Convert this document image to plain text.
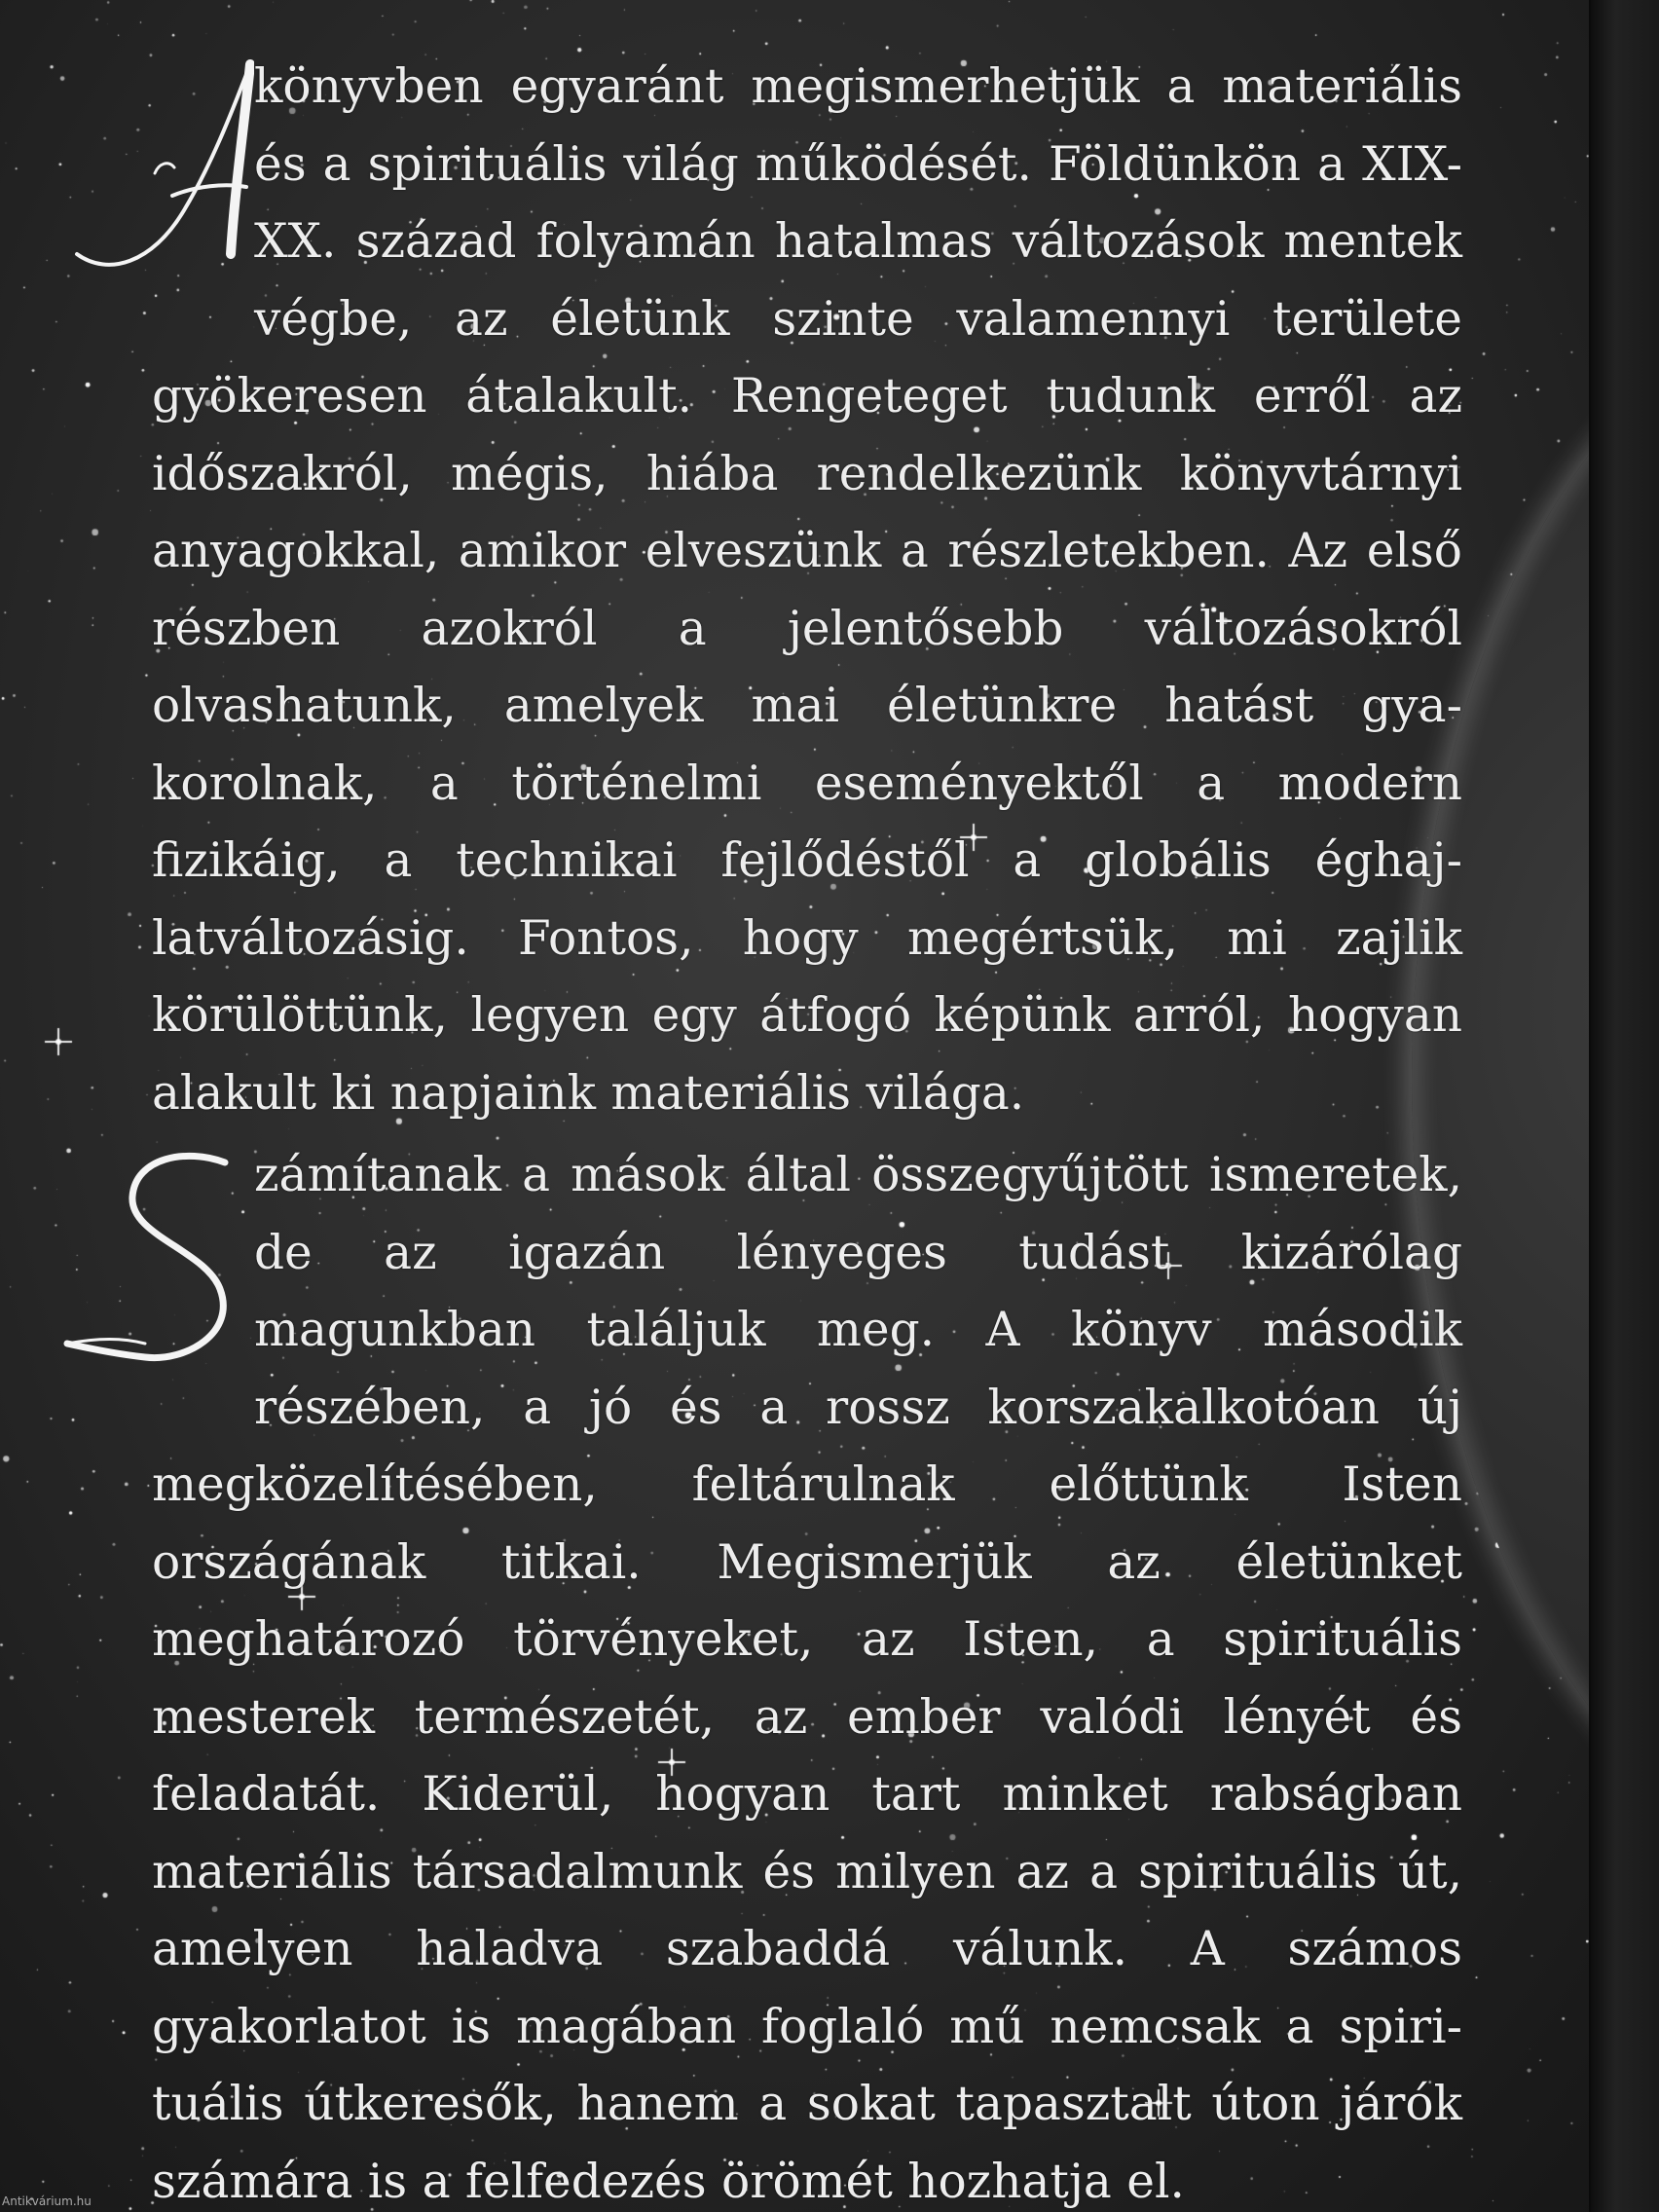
könyvben egyaránt megismerhetjük a materiális és a spirituális világ működését. Földünkön a XIX-XX. század folyamán hatalmas változások mentek végbe, az életünk szinte valamennyi területe gyökeresen átalakult. Rengeteget tudunk erről az időszakról, mégis, hiába rendelkezünk könyvtárnyi anyagokkal, amikor elveszünk a részletekben. Az első részben azokról a jelentősebb változásokról olvashatunk, amelyek mai életünkre hatást gyakorolnak, a történelmi eseményektől a modern fizikáig, a technikai fejlődéstől a globális éghajlatváltozásig. Fontos, hogy megértsük, mi zajlik körülöttünk, legyen egy átfogó képünk arról, hogyan alakult ki napjaink materiális világa.
zámítanak a mások által összegyűjtött ismeretek, de az igazán lényeges tudást kizárólag magunkban találjuk meg. A könyv második részében, a jó és a rossz korszakalkotóan új megközelítésében, feltárulnak előttünk Isten országának titkai. Megismerjük az életünket meghatározó törvényeket, az Isten, a spirituális mesterek természetét, az ember valódi lényét és feladatát. Kiderül, hogyan tart minket rabságban materiális társadalmunk és milyen az a spirituális út, amelyen haladva szabaddá válunk. A számos gyakorlatot is magában foglaló mű nemcsak a spirituális útkeresők, hanem a sokat tapasztalt úton járók számára is a felfedezés örömét hozhatja el.
Antikvárium.hu
